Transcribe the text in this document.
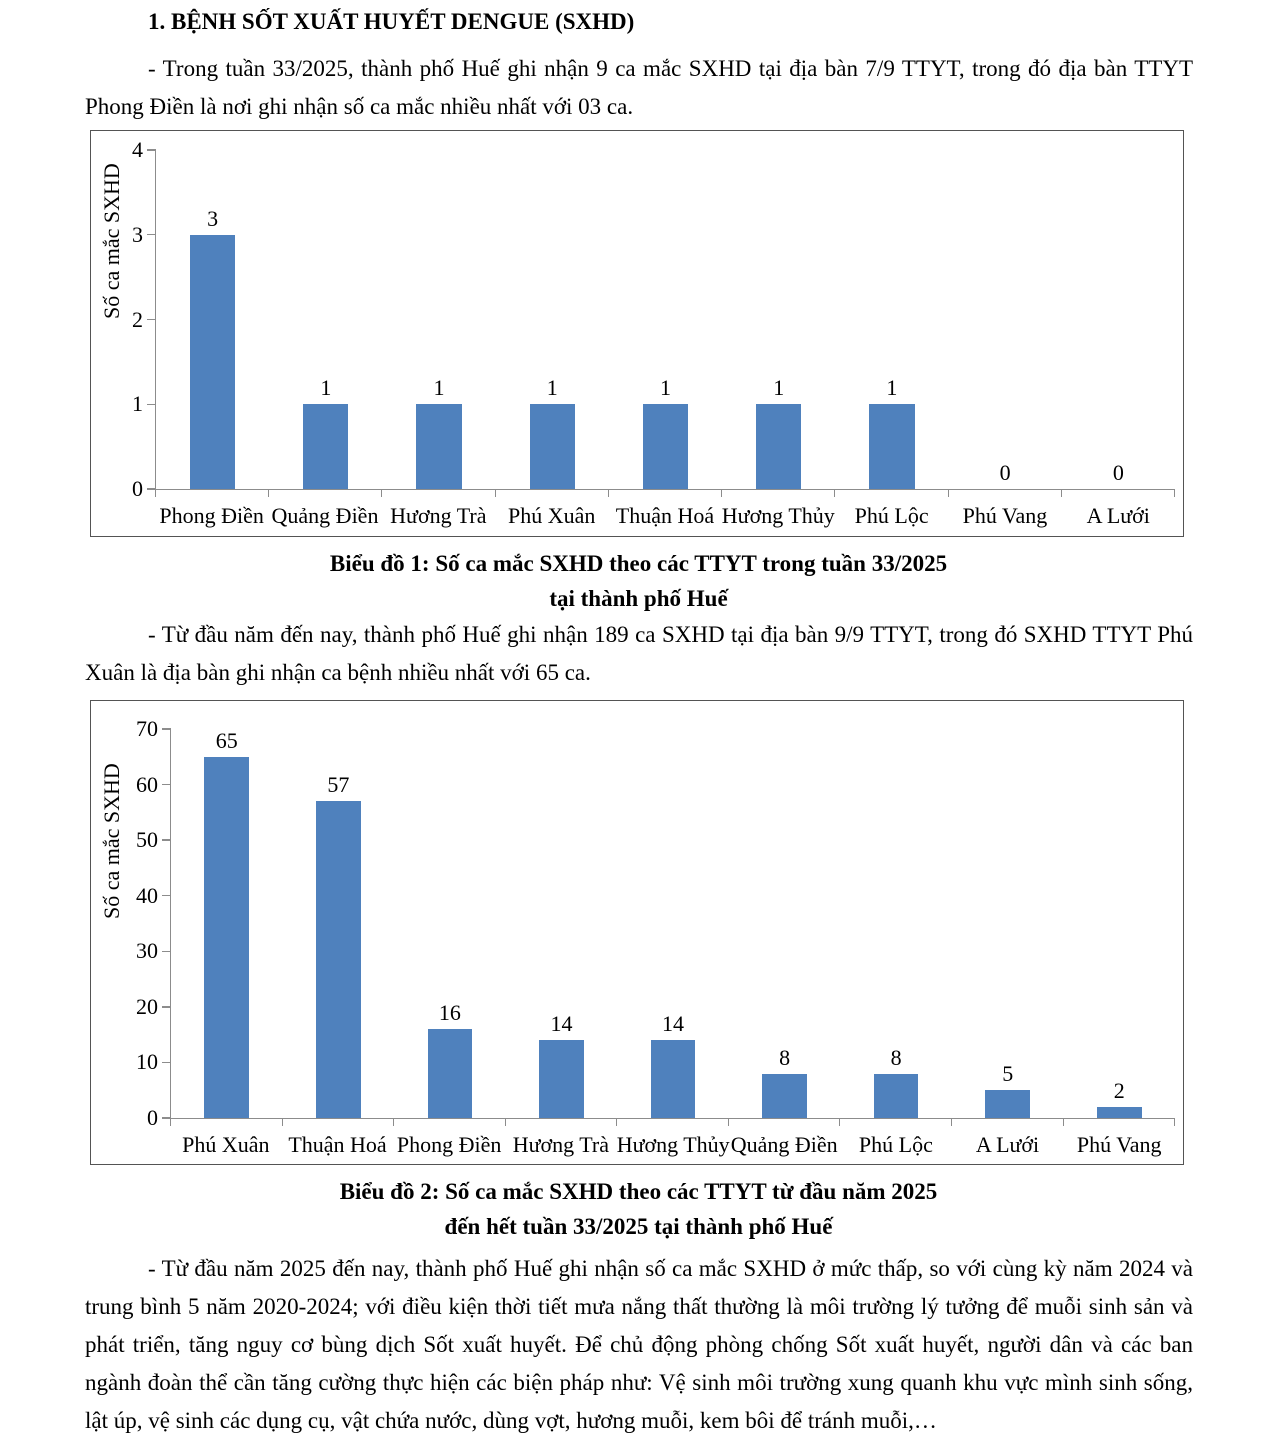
1. BỆNH SỐT XUẤT HUYẾT DENGUE (SXHD)
- Trong tuần 33/2025, thành phố Huế ghi nhận 9 ca mắc SXHD tại địa bàn 7/9 TTYT, trong đó địa bàn TTYT Phong Điền là nơi ghi nhận số ca mắc nhiều nhất với 03 ca.
Số ca mắc SXHD
0
1
2
3
4
3
1	1	1	1	1	1
0	0
Phong Điền Quảng Điền Hương Trà Phú Xuân Thuận Hoá Hương Thủy Phú Lộc	Phú Vang	A Lưới
Biểu đồ 1: Số ca mắc SXHD theo các TTYT trong tuần 33/2025
tại thành phố Huế
- Từ đầu năm đến nay, thành phố Huế ghi nhận 189 ca SXHD tại địa bàn 9/9 TTYT, trong đó SXHD TTYT Phú Xuân là địa bàn ghi nhận ca bệnh nhiều nhất với 65 ca.
Số ca mắc SXHD
0
10
20
30
40
50
60
70	65
57
16	14	14
8	8
5
2
Phú Xuân Thuận Hoá Phong Điền Hương Trà Hương Thủy Quảng Điền Phú Lộc	A Lưới	Phú Vang
Biểu đồ 2: Số ca mắc SXHD theo các TTYT từ đầu năm 2025
đến hết tuần 33/2025 tại thành phố Huế
- Từ đầu năm 2025 đến nay, thành phố Huế ghi nhận số ca mắc SXHD ở mức thấp, so với cùng kỳ năm 2024 và trung bình 5 năm 2020-2024; với điều kiện thời tiết mưa nắng thất thường là môi trường lý tưởng để muỗi sinh sản và phát triển, tăng nguy cơ bùng dịch Sốt xuất huyết. Để chủ động phòng chống Sốt xuất huyết, người dân và các ban ngành đoàn thể cần tăng cường thực hiện các biện pháp như: Vệ sinh môi trường xung quanh khu vực mình sinh sống, lật úp, vệ sinh các dụng cụ, vật chứa nước, dùng vợt, hương muỗi, kem bôi để tránh muỗi,…
